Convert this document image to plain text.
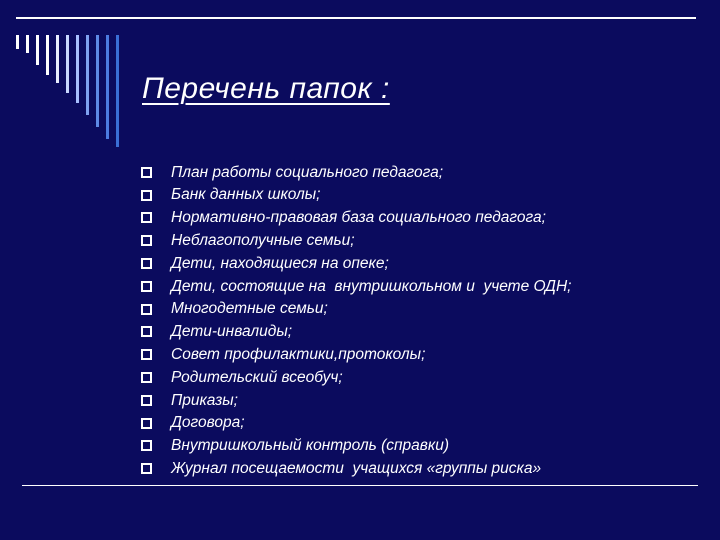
Перечень папок :
План работы социального педагога;
Банк данных школы;
Нормативно-правовая база социального педагога;
Неблагополучные семьи;
Дети, находящиеся на опеке;
Дети, состоящие на  внутришкольном и  учете ОДН;
Многодетные семьи;
Дети-инвалиды;
Совет профилактики,протоколы;
Родительский всеобуч;
Приказы;
Договора;
Внутришкольный контроль (справки)
Журнал посещаемости  учащихся «группы риска»
